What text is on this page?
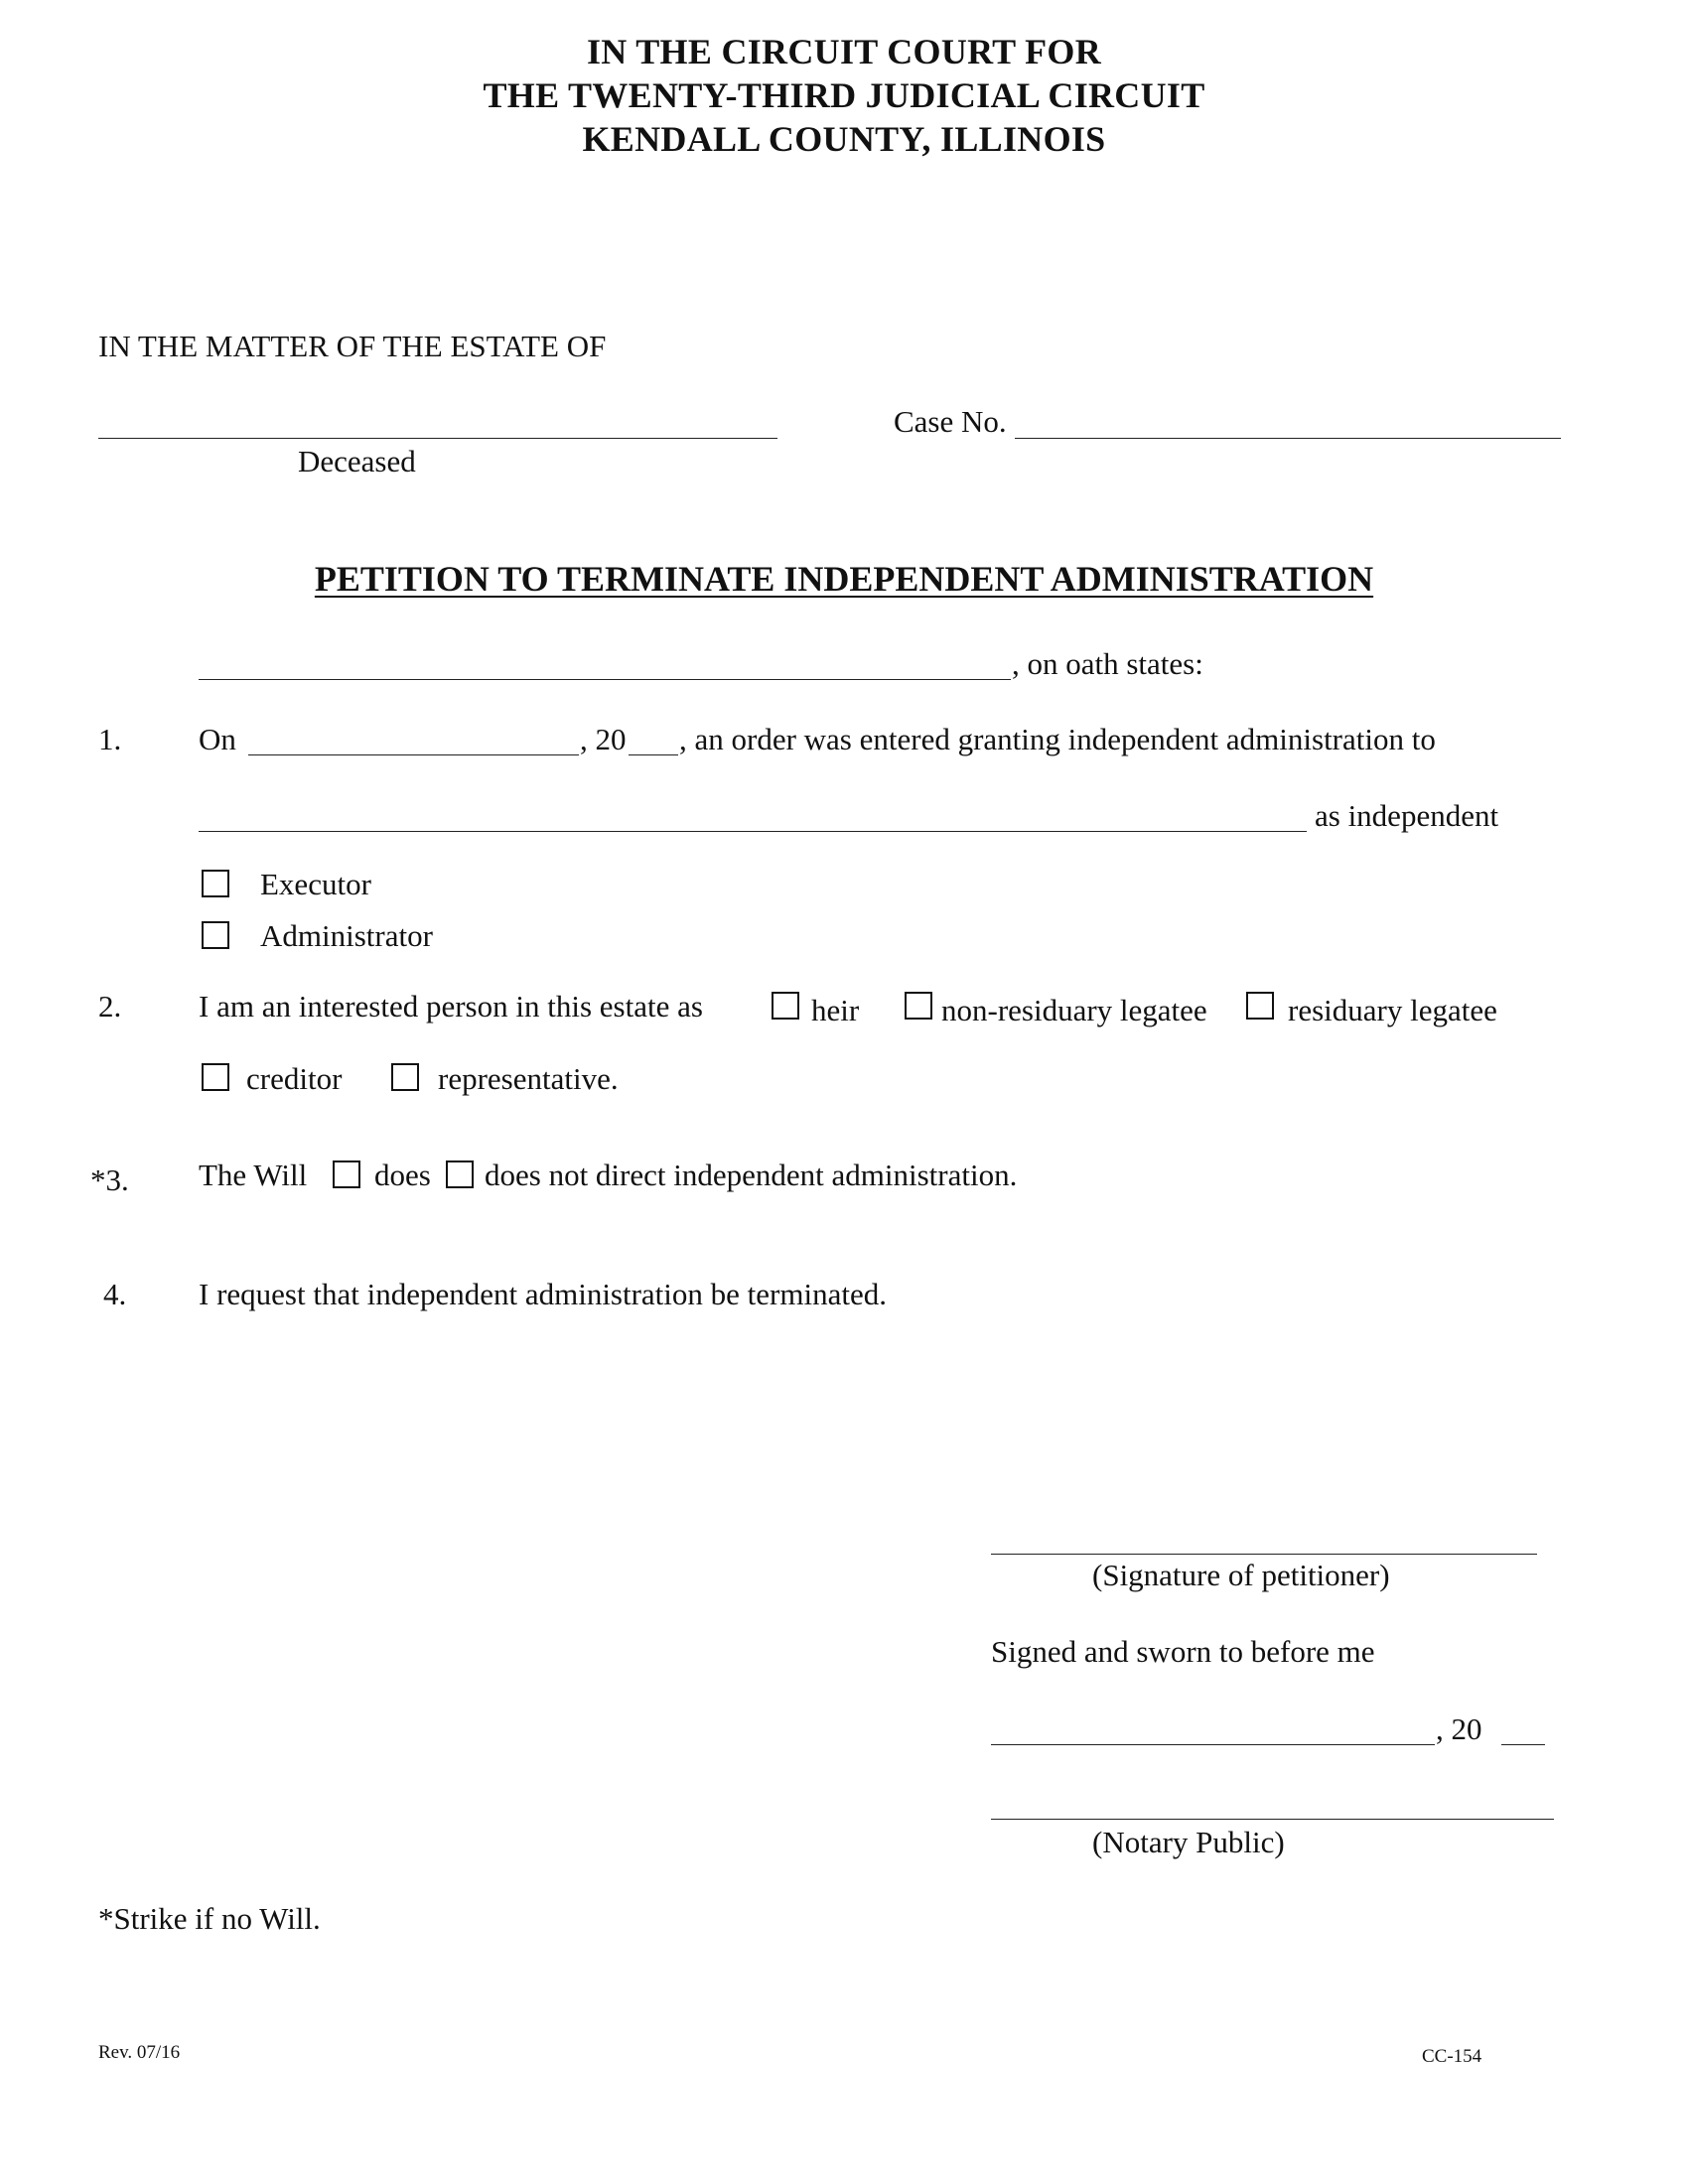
IN THE CIRCUIT COURT FOR
THE TWENTY-THIRD JUDICIAL CIRCUIT
KENDALL COUNTY, ILLINOIS
IN THE MATTER OF THE ESTATE OF
Deceased
Case No.
PETITION TO TERMINATE INDEPENDENT ADMINISTRATION
, on oath states:
1.	On	, 20 , an order was entered granting independent administration to
as independent
Executor
Administrator
2.	I am an interested person in this estate as	heir	non-residuary legatee	residuary legatee
creditor	representative.
*3. The Will does does not direct independent administration.
4. I request that independent administration be terminated.
(Signature of petitioner)
Signed and sworn to before me
, 20
(Notary Public)
*Strike if no Will.
Rev. 07/16	CC-154
